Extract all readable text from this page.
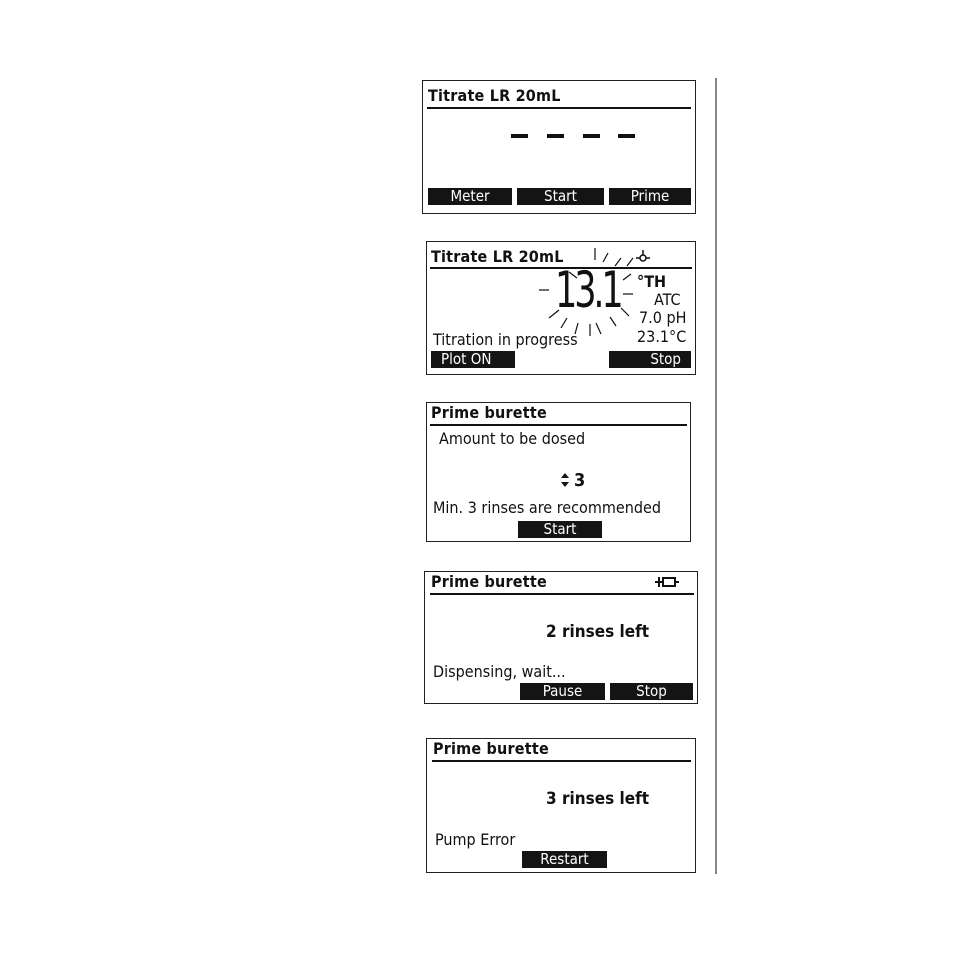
Titrate LR 20mL
Meter	Start	Prime
Titrate LR 20mL
13.1 °TH
ATC
7.0 pH
23.1°C
Titration in progress
Plot ON	Stop
Prime burette
Amount to be dosed
3
Min. 3 rinses are recommended
Start
Prime burette
2 rinses left
Dispensing, wait...
Pause	Stop
Prime burette
3 rinses left
Pump Error
Restart
